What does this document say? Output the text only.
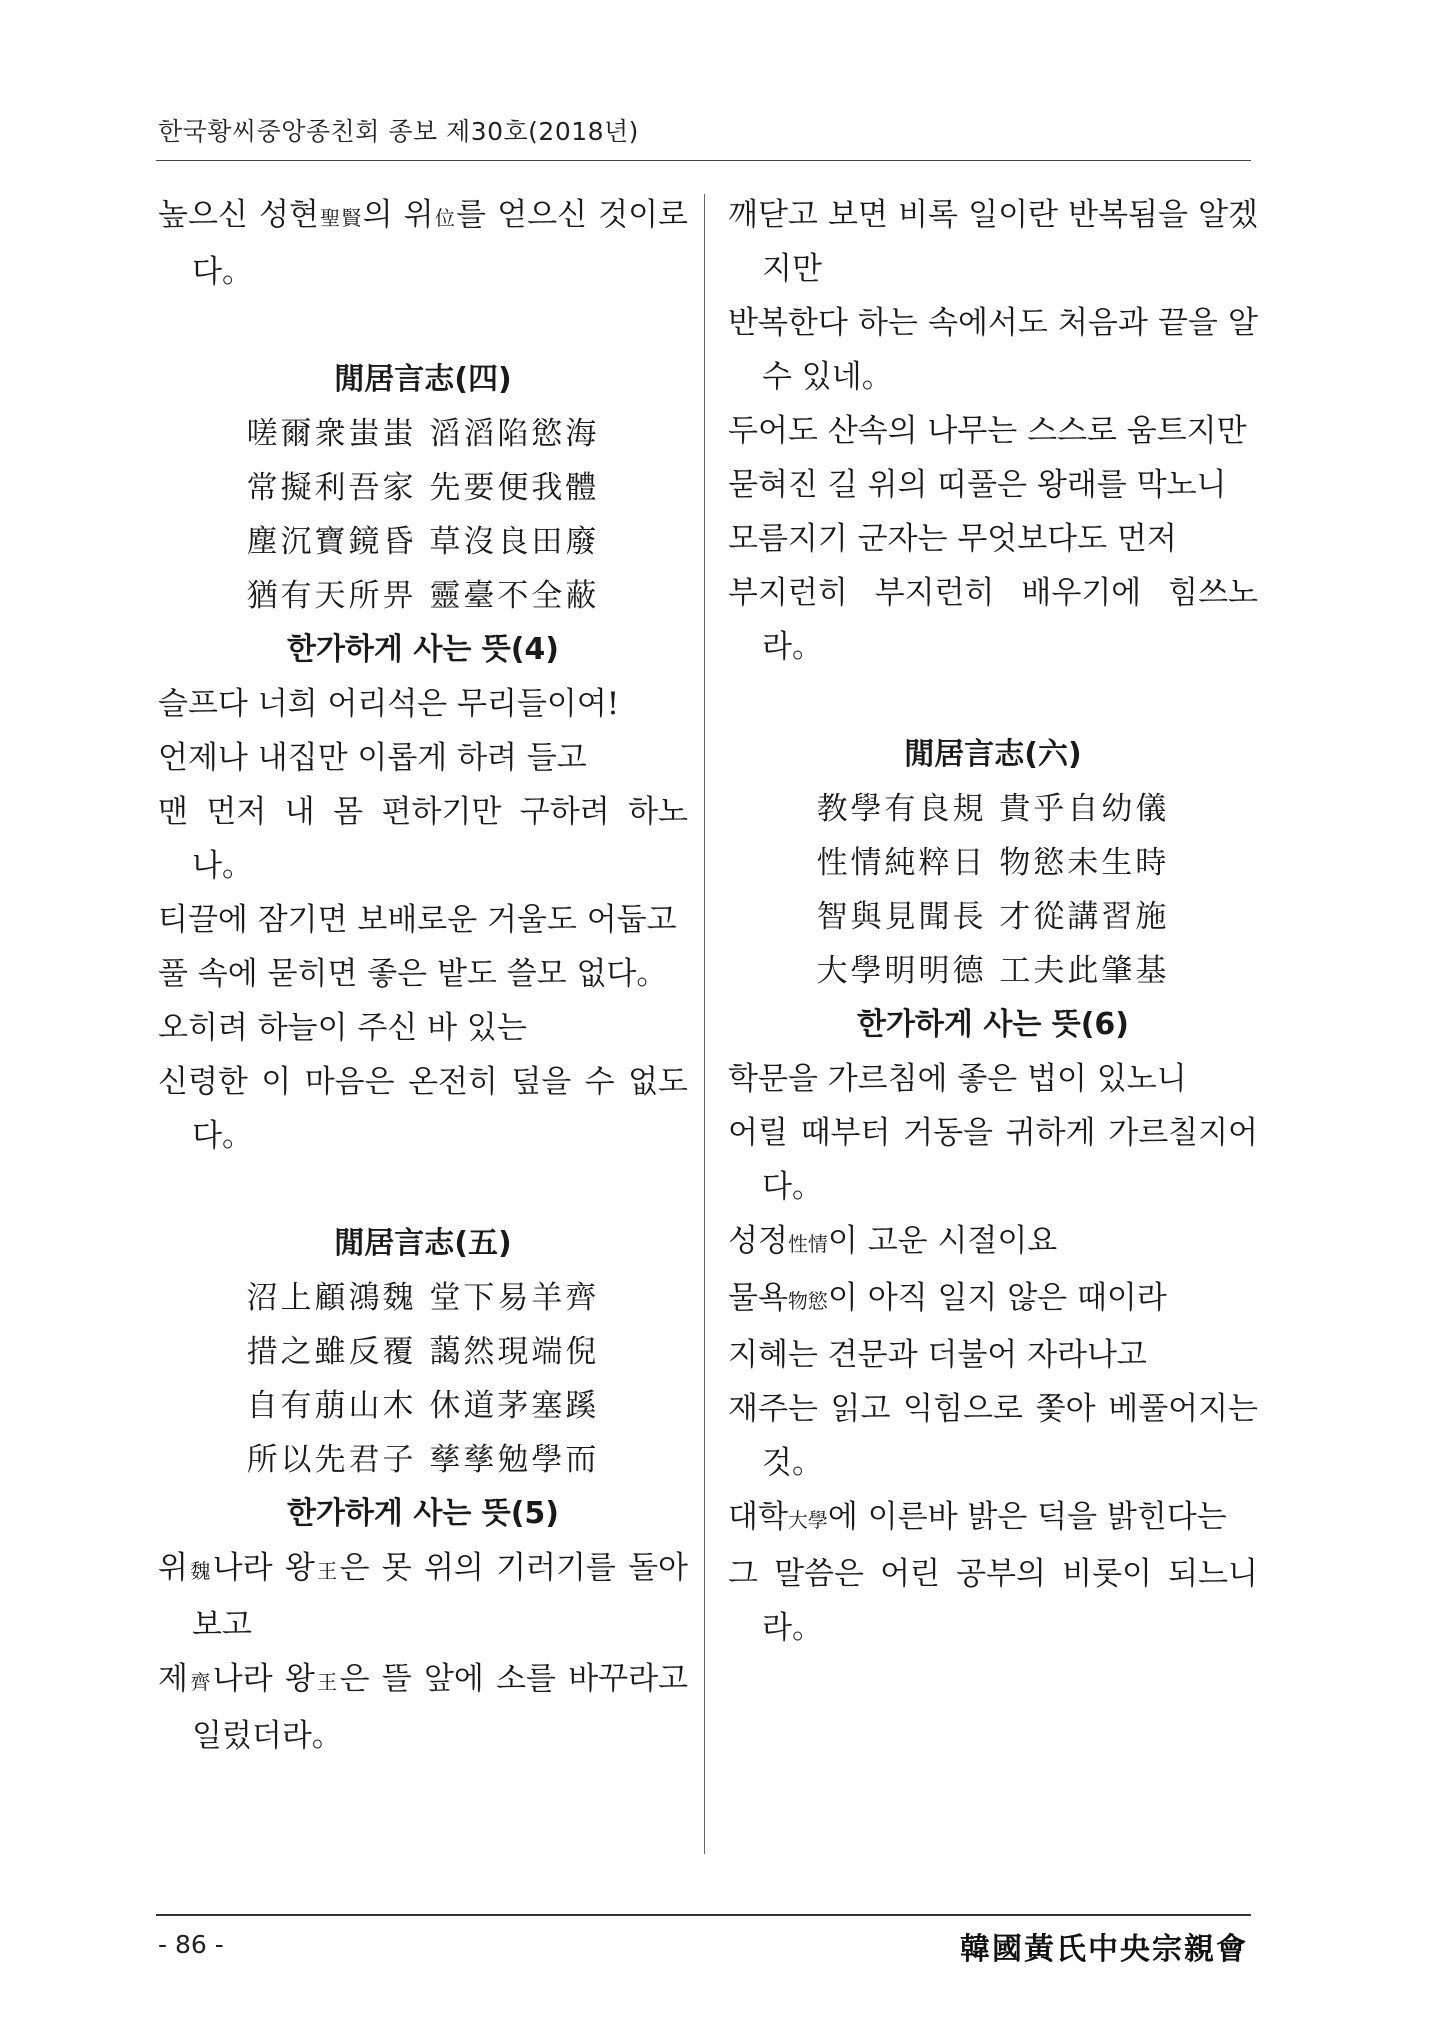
한국황씨중앙종친회 종보 제30호(2018년)

높으신 성현聖賢의 위位를 얻으신 것이로다。

閒居言志(四)

嗟爾衆蚩蚩 滔滔陷慾海

常擬利吾家 先要便我體

塵沉寶鏡昏 草沒良田廢

猶有天所畀 靈臺不全蔽

한가하게 사는 뜻(4)

슬프다 너희 어리석은 무리들이여!

언제나 내집만 이롭게 하려 들고

맨 먼저 내 몸 편하기만 구하려 하노나。

티끌에 잠기면 보배로운 거울도 어둡고

풀 속에 묻히면 좋은 밭도 쓸모 없다。

오히려 하늘이 주신 바 있는

신령한 이 마음은 온전히 덮을 수 없도다。

閒居言志(五)

沼上顧鴻魏 堂下易羊齊

措之雖反覆 藹然現端倪

自有萠山木 休道茅塞蹊

所以先君子 孳孳勉學而

한가하게 사는 뜻(5)

위魏나라 왕王은 못 위의 기러기를 돌아보고

제齊나라 왕王은 뜰 앞에 소를 바꾸라고 일렀더라。

깨닫고 보면 비록 일이란 반복됨을 알겠지만

반복한다 하는 속에서도 처음과 끝을 알 수 있네。

두어도 산속의 나무는 스스로 움트지만

묻혀진 길 위의 띠풀은 왕래를 막노니

모름지기 군자는 무엇보다도 먼저

부지런히 부지런히 배우기에 힘쓰노라。

閒居言志(六)

教學有良規 貴乎自幼儀

性情純粹日 物慾未生時

智與見聞長 才從講習施

大學明明德 工夫此肇基

한가하게 사는 뜻(6)

학문을 가르침에 좋은 법이 있노니

어릴 때부터 거동을 귀하게 가르칠지어다。

성정性情이 고운 시절이요

물욕物慾이 아직 일지 않은 때이라

지혜는 견문과 더불어 자라나고

재주는 읽고 익힘으로 쫓아 베풀어지는 것。

대학大學에 이른바 밝은 덕을 밝힌다는

그 말씀은 어린 공부의 비롯이 되느니라。

- 86 -	韓國黃氏中央宗親會
